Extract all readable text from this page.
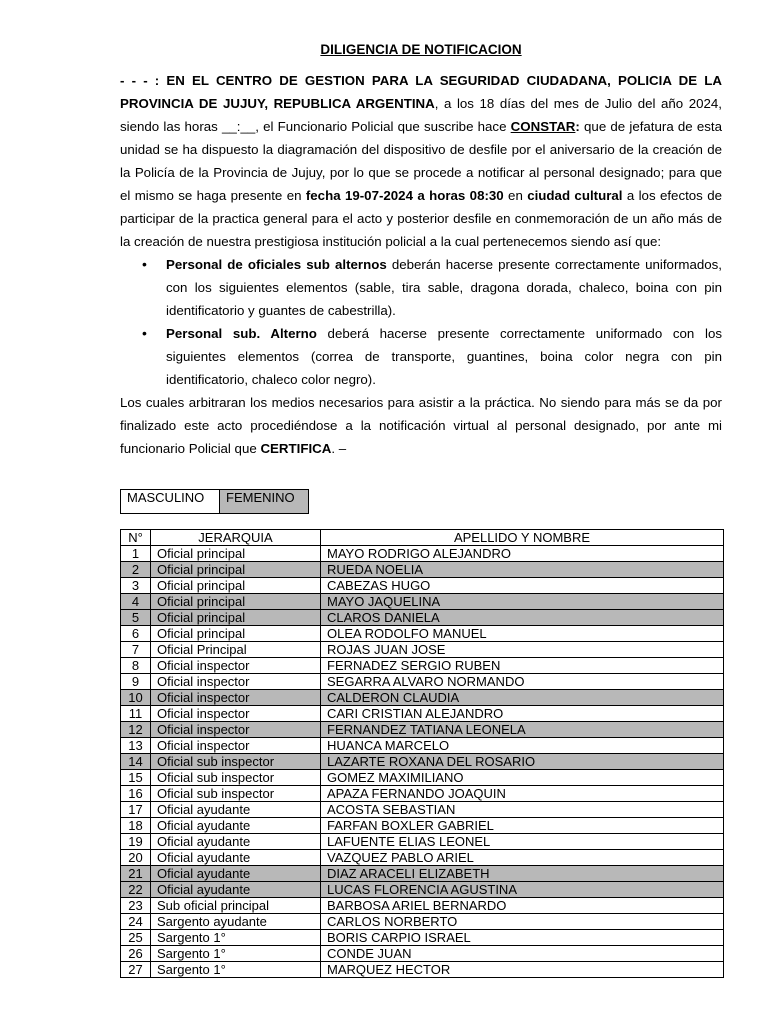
DILIGENCIA DE NOTIFICACION

- - - : EN EL CENTRO DE GESTION PARA LA SEGURIDAD CIUDADANA, POLICIA DE LA PROVINCIA DE JUJUY, REPUBLICA ARGENTINA, a los 18 días del mes de Julio del año 2024, siendo las horas __:__, el Funcionario Policial que suscribe hace CONSTAR: que de jefatura de esta unidad se ha dispuesto la diagramación del dispositivo de desfile por el aniversario de la creación de la Policía de la Provincia de Jujuy, por lo que se procede a notificar al personal designado; para que el mismo se haga presente en fecha 19-07-2024 a horas 08:30 en ciudad cultural a los efectos de participar de la practica general para el acto y posterior desfile en conmemoración de un año más de la creación de nuestra prestigiosa institución policial a la cual pertenecemos siendo así que:

• Personal de oficiales sub alternos deberán hacerse presente correctamente uniformados, con los siguientes elementos (sable, tira sable, dragona dorada, chaleco, boina con pin identificatorio y guantes de cabestrilla).
• Personal sub. Alterno deberá hacerse presente correctamente uniformado con los siguientes elementos (correa de transporte, guantines, boina color negra con pin identificatorio, chaleco color negro).

Los cuales arbitraran los medios necesarios para asistir a la práctica. No siendo para más se da por finalizado este acto procediéndose a la notificación virtual al personal designado, por ante mi funcionario Policial que CERTIFICA. –

MASCULINO	FEMENINO
N°	JERARQUIA	APELLIDO Y NOMBRE
1	Oficial principal	MAYO RODRIGO ALEJANDRO
2	Oficial principal	RUEDA NOELIA
3	Oficial principal	CABEZAS HUGO
4	Oficial principal	MAYO JAQUELINA
5	Oficial principal	CLAROS DANIELA
6	Oficial principal	OLEA RODOLFO MANUEL
7	Oficial Principal	ROJAS JUAN JOSE
8	Oficial inspector	FERNADEZ SERGIO RUBEN
9	Oficial inspector	SEGARRA ALVARO NORMANDO
10	Oficial inspector	CALDERON CLAUDIA
11	Oficial inspector	CARI CRISTIAN ALEJANDRO
12	Oficial inspector	FERNANDEZ TATIANA LEONELA
13	Oficial inspector	HUANCA MARCELO
14	Oficial sub inspector	LAZARTE ROXANA DEL ROSARIO
15	Oficial sub inspector	GOMEZ MAXIMILIANO
16	Oficial sub inspector	APAZA FERNANDO JOAQUIN
17	Oficial ayudante	ACOSTA SEBASTIAN
18	Oficial ayudante	FARFAN BOXLER GABRIEL
19	Oficial ayudante	LAFUENTE ELIAS LEONEL
20	Oficial ayudante	VAZQUEZ PABLO ARIEL
21	Oficial ayudante	DIAZ ARACELI ELIZABETH
22	Oficial ayudante	LUCAS FLORENCIA AGUSTINA
23	Sub oficial principal	BARBOSA ARIEL BERNARDO
24	Sargento ayudante	CARLOS NORBERTO
25	Sargento 1°	BORIS CARPIO ISRAEL
26	Sargento 1°	CONDE JUAN
27	Sargento 1°	MARQUEZ HECTOR
